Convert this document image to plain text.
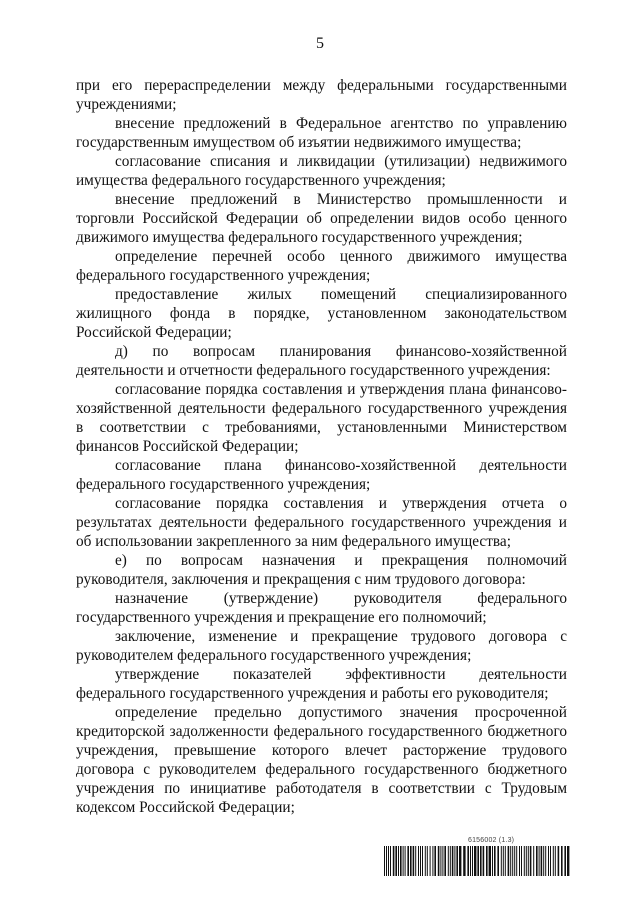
5

при его перераспределении между федеральными государственными учреждениями;

внесение предложений в Федеральное агентство по управлению государственным имуществом об изъятии недвижимого имущества;

согласование списания и ликвидации (утилизации) недвижимого имущества федерального государственного учреждения;

внесение предложений в Министерство промышленности и торговли Российской Федерации об определении видов особо ценного движимого имущества федерального государственного учреждения;

определение перечней особо ценного движимого имущества федерального государственного учреждения;

предоставление жилых помещений специализированного жилищного фонда в порядке, установленном законодательством Российской Федерации;

д) по вопросам планирования финансово-хозяйственной деятельности и отчетности федерального государственного учреждения:

согласование порядка составления и утверждения плана финансово-хозяйственной деятельности федерального государственного учреждения в соответствии с требованиями, установленными Министерством финансов Российской Федерации;

согласование плана финансово-хозяйственной деятельности федерального государственного учреждения;

согласование порядка составления и утверждения отчета о результатах деятельности федерального государственного учреждения и об использовании закрепленного за ним федерального имущества;

е) по вопросам назначения и прекращения полномочий руководителя, заключения и прекращения с ним трудового договора:

назначение (утверждение) руководителя федерального государственного учреждения и прекращение его полномочий;

заключение, изменение и прекращение трудового договора с руководителем федерального государственного учреждения;

утверждение показателей эффективности деятельности федерального государственного учреждения и работы его руководителя;

определение предельно допустимого значения просроченной кредиторской задолженности федерального государственного бюджетного учреждения, превышение которого влечет расторжение трудового договора с руководителем федерального государственного бюджетного учреждения по инициативе работодателя в соответствии с Трудовым кодексом Российской Федерации;

6156002 (1.3)
